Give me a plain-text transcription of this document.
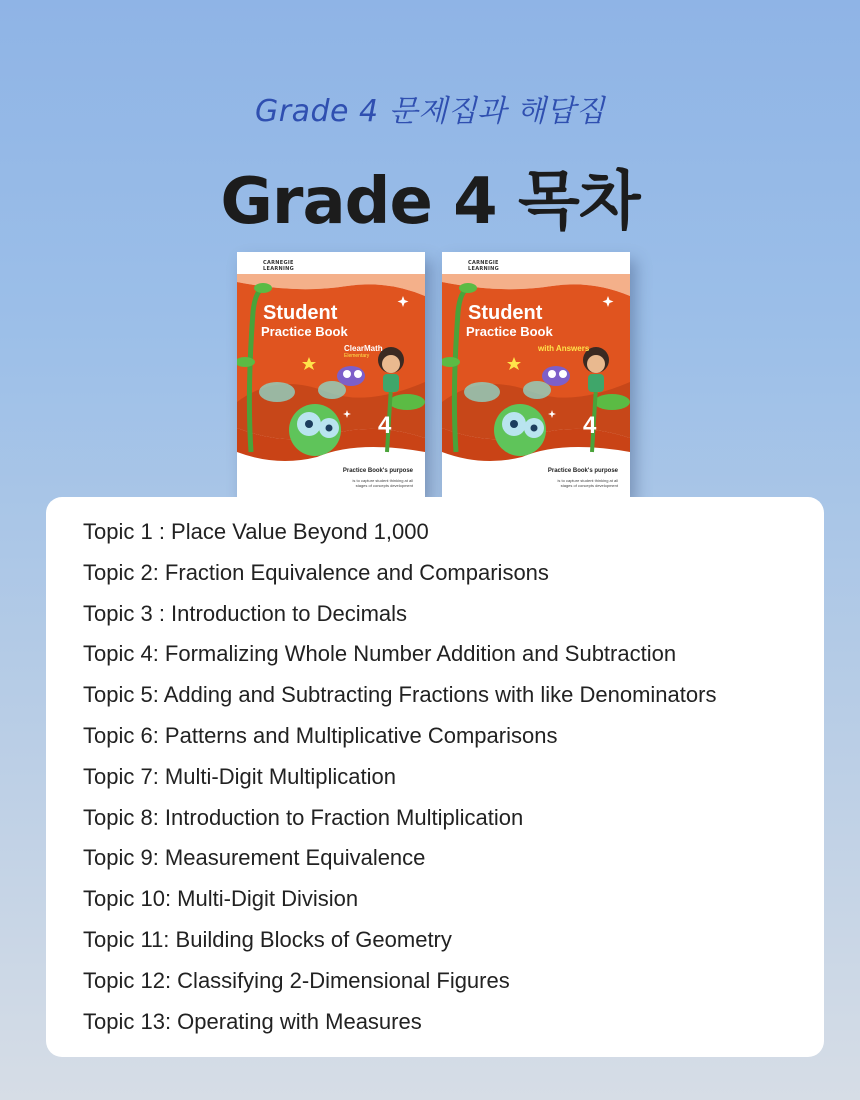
Grade 4 문제집과 해답집
Grade 4 목차
CARNEGIE
LEARNING
Student
Practice Book
ClearMath
Elementary
4
Practice Book's purpose
is to capture student thinking at all
stages of concepts development
CARNEGIE
LEARNING
Student
Practice Book
with Answers
4
Practice Book's purpose
is to capture student thinking at all
stages of concepts development
Topic 1 : Place Value Beyond 1,000
Topic 2: Fraction Equivalence and Comparisons
Topic 3 : Introduction to Decimals
Topic 4: Formalizing Whole Number Addition and Subtraction
Topic 5: Adding and Subtracting Fractions with like Denominators
Topic 6: Patterns and Multiplicative Comparisons
Topic 7: Multi-Digit Multiplication
Topic 8: Introduction to Fraction Multiplication
Topic 9: Measurement Equivalence
Topic 10: Multi-Digit Division
Topic 11: Building Blocks of Geometry
Topic 12: Classifying 2-Dimensional Figures
Topic 13: Operating with Measures
